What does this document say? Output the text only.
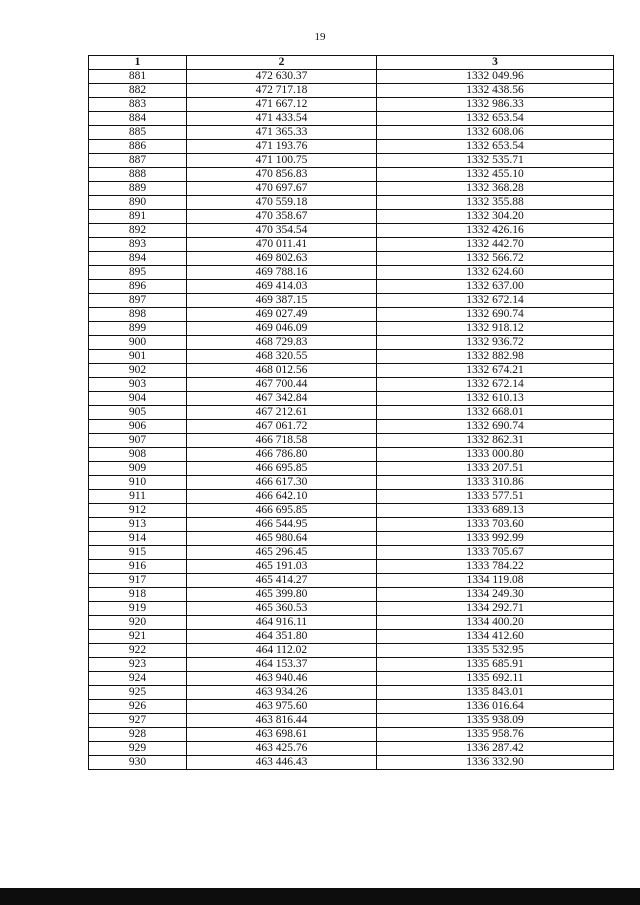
19
1	2	3
881	472 630.37	1332 049.96
882	472 717.18	1332 438.56
883	471 667.12	1332 986.33
884	471 433.54	1332 653.54
885	471 365.33	1332 608.06
886	471 193.76	1332 653.54
887	471 100.75	1332 535.71
888	470 856.83	1332 455.10
889	470 697.67	1332 368.28
890	470 559.18	1332 355.88
891	470 358.67	1332 304.20
892	470 354.54	1332 426.16
893	470 011.41	1332 442.70
894	469 802.63	1332 566.72
895	469 788.16	1332 624.60
896	469 414.03	1332 637.00
897	469 387.15	1332 672.14
898	469 027.49	1332 690.74
899	469 046.09	1332 918.12
900	468 729.83	1332 936.72
901	468 320.55	1332 882.98
902	468 012.56	1332 674.21
903	467 700.44	1332 672.14
904	467 342.84	1332 610.13
905	467 212.61	1332 668.01
906	467 061.72	1332 690.74
907	466 718.58	1332 862.31
908	466 786.80	1333 000.80
909	466 695.85	1333 207.51
910	466 617.30	1333 310.86
911	466 642.10	1333 577.51
912	466 695.85	1333 689.13
913	466 544.95	1333 703.60
914	465 980.64	1333 992.99
915	465 296.45	1333 705.67
916	465 191.03	1333 784.22
917	465 414.27	1334 119.08
918	465 399.80	1334 249.30
919	465 360.53	1334 292.71
920	464 916.11	1334 400.20
921	464 351.80	1334 412.60
922	464 112.02	1335 532.95
923	464 153.37	1335 685.91
924	463 940.46	1335 692.11
925	463 934.26	1335 843.01
926	463 975.60	1336 016.64
927	463 816.44	1335 938.09
928	463 698.61	1335 958.76
929	463 425.76	1336 287.42
930	463 446.43	1336 332.90
